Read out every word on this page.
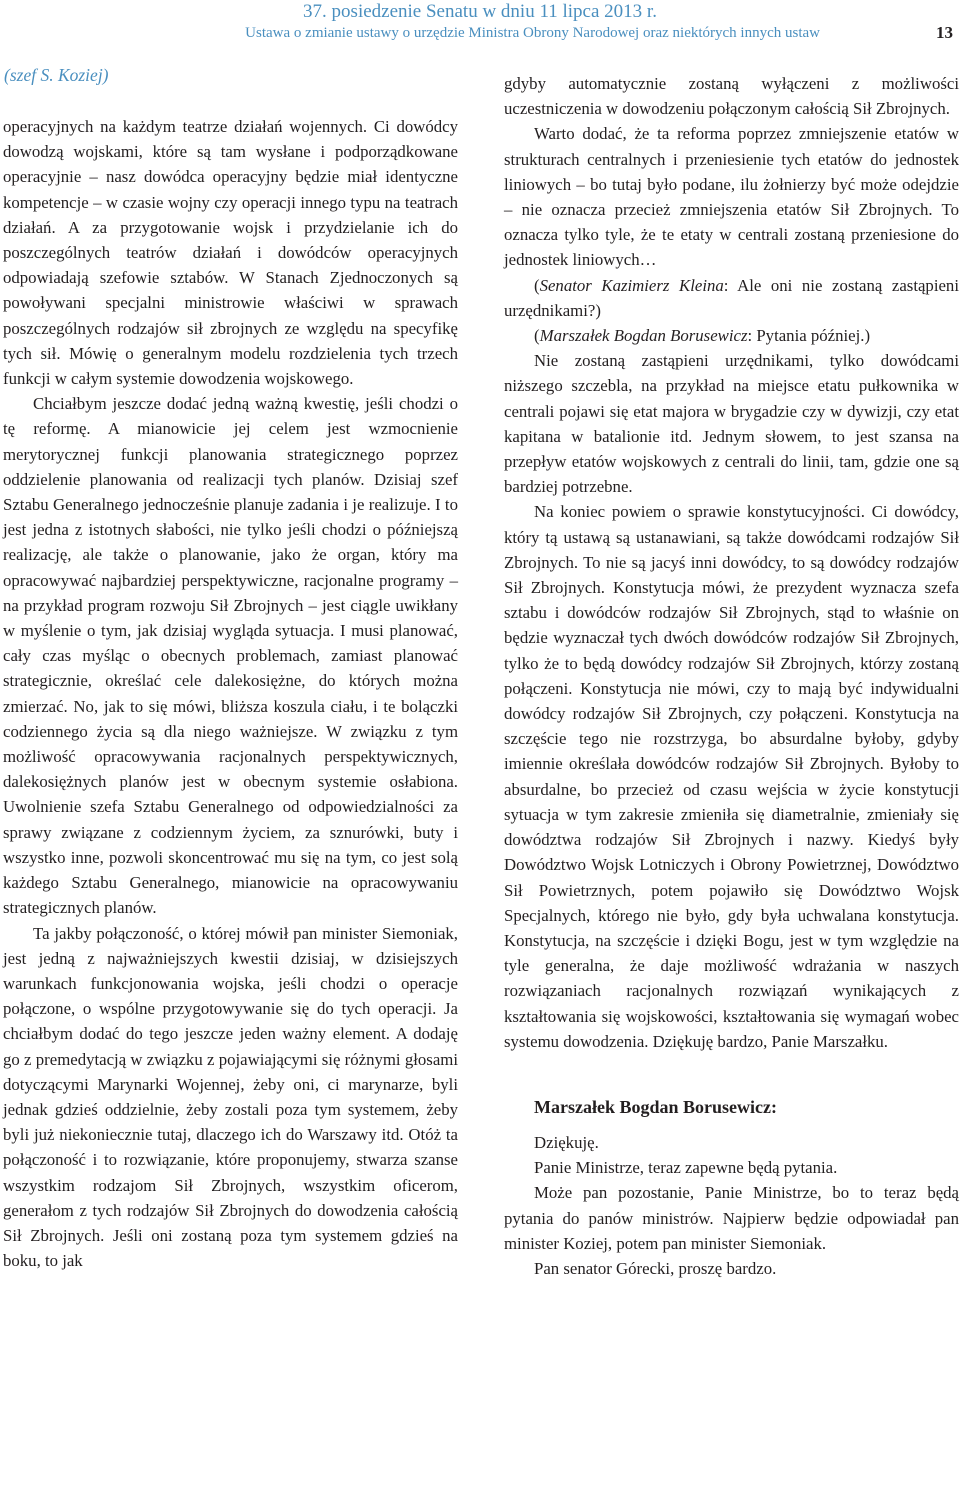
37. posiedzenie Senatu w dniu 11 lipca 2013 r.
Ustawa o zmianie ustawy o urzędzie Ministra Obrony Narodowej oraz niektórych innych ustaw	13
(szef S. Koziej)

operacyjnych na każdym teatrze działań wojennych. Ci dowódcy dowodzą wojskami, które są tam wysłane i podporządkowane operacyjnie – nasz dowódca operacyjny będzie miał identyczne kompetencje – w czasie wojny czy operacji innego typu na teatrach działań. A za przygotowanie wojsk i przydzielanie ich do poszczególnych teatrów działań i dowódców operacyjnych odpowiadają szefowie sztabów. W Stanach Zjednoczonych są powoływani specjalni ministrowie właściwi w sprawach poszczególnych rodzajów sił zbrojnych ze względu na specyfikę tych sił. Mówię o generalnym modelu rozdzielenia tych trzech funkcji w całym systemie dowodzenia wojskowego.

Chciałbym jeszcze dodać jedną ważną kwestię, jeśli chodzi o tę reformę. A mianowicie jej celem jest wzmocnienie merytorycznej funkcji planowania strategicznego poprzez oddzielenie planowania od realizacji tych planów. Dzisiaj szef Sztabu Generalnego jednocześnie planuje zadania i je realizuje. I to jest jedna z istotnych słabości, nie tylko jeśli chodzi o późniejszą realizację, ale także o planowanie, jako że organ, który ma opracowywać najbardziej perspektywiczne, racjonalne programy – na przykład program rozwoju Sił Zbrojnych – jest ciągle uwikłany w myślenie o tym, jak dzisiaj wygląda sytuacja. I musi planować, cały czas myśląc o obecnych problemach, zamiast planować strategicznie, określać cele dalekosiężne, do których można zmierzać. No, jak to się mówi, bliższa koszula ciału, i te bolączki codziennego życia są dla niego ważniejsze. W związku z tym możliwość opracowywania racjonalnych perspektywicznych, dalekosiężnych planów jest w obecnym systemie osłabiona. Uwolnienie szefa Sztabu Generalnego od odpowiedzialności za sprawy związane z codziennym życiem, za sznurówki, buty i wszystko inne, pozwoli skoncentrować mu się na tym, co jest solą każdego Sztabu Generalnego, mianowicie na opracowywaniu strategicznych planów.

Ta jakby połączoność, o której mówił pan minister Siemoniak, jest jedną z najważniejszych kwestii dzisiaj, w dzisiejszych warunkach funkcjonowania wojska, jeśli chodzi o operacje połączone, o wspólne przygotowywanie się do tych operacji. Ja chciałbym dodać do tego jeszcze jeden ważny element. A dodaję go z premedytacją w związku z pojawiającymi się różnymi głosami dotyczącymi Marynarki Wojennej, żeby oni, ci marynarze, byli jednak gdzieś oddzielnie, żeby zostali poza tym systemem, żeby byli już niekoniecznie tutaj, dlaczego ich do Warszawy itd. Otóż ta połączoność i to rozwiązanie, które proponujemy, stwarza szanse wszystkim rodzajom Sił Zbrojnych, wszystkim oficerom, generałom z tych rodzajów Sił Zbrojnych do dowodzenia całością Sił Zbrojnych. Jeśli oni zostaną poza tym systemem gdzieś na boku, to jak

gdyby automatycznie zostaną wyłączeni z możliwości uczestniczenia w dowodzeniu połączonym całością Sił Zbrojnych.

Warto dodać, że ta reforma poprzez zmniejszenie etatów w strukturach centralnych i przeniesienie tych etatów do jednostek liniowych – bo tutaj było podane, ilu żołnierzy być może odejdzie – nie oznacza przecież zmniejszenia etatów Sił Zbrojnych. To oznacza tylko tyle, że te etaty w centrali zostaną przeniesione do jednostek liniowych…

(Senator Kazimierz Kleina: Ale oni nie zostaną zastąpieni urzędnikami?)

(Marszałek Bogdan Borusewicz: Pytania później.)

Nie zostaną zastąpieni urzędnikami, tylko dowódcami niższego szczebla, na przykład na miejsce etatu pułkownika w centrali pojawi się etat majora w brygadzie czy w dywizji, czy etat kapitana w batalionie itd. Jednym słowem, to jest szansa na przepływ etatów wojskowych z centrali do linii, tam, gdzie one są bardziej potrzebne.

Na koniec powiem o sprawie konstytucyjności. Ci dowódcy, który tą ustawą są ustanawiani, są także dowódcami rodzajów Sił Zbrojnych. To nie są jacyś inni dowódcy, to są dowódcy rodzajów Sił Zbrojnych. Konstytucja mówi, że prezydent wyznacza szefa sztabu i dowódców rodzajów Sił Zbrojnych, stąd to właśnie on będzie wyznaczał tych dwóch dowódców rodzajów Sił Zbrojnych, tylko że to będą dowódcy rodzajów Sił Zbrojnych, którzy zostaną połączeni. Konstytucja nie mówi, czy to mają być indywidualni dowódcy rodzajów Sił Zbrojnych, czy połączeni. Konstytucja na szczęście tego nie rozstrzyga, bo absurdalne byłoby, gdyby imiennie określała dowódców rodzajów Sił Zbrojnych. Byłoby to absurdalne, bo przecież od czasu wejścia w życie konstytucji sytuacja w tym zakresie zmieniła się diametralnie, zmieniały się dowództwa rodzajów Sił Zbrojnych i nazwy. Kiedyś były Dowództwo Wojsk Lotniczych i Obrony Powietrznej, Dowództwo Sił Powietrznych, potem pojawiło się Dowództwo Wojsk Specjalnych, którego nie było, gdy była uchwalana konstytucja. Konstytucja, na szczęście i dzięki Bogu, jest w tym względzie na tyle generalna, że daje możliwość wdrażania w naszych rozwiązaniach racjonalnych rozwiązań wynikających z kształtowania się wojskowości, kształtowania się wymagań wobec systemu dowodzenia. Dziękuję bardzo, Panie Marszałku.

Marszałek Bogdan Borusewicz:

Dziękuję.

Panie Ministrze, teraz zapewne będą pytania.

Może pan pozostanie, Panie Ministrze, bo to teraz będą pytania do panów ministrów. Najpierw będzie odpowiadał pan minister Koziej, potem pan minister Siemoniak.

Pan senator Górecki, proszę bardzo.
